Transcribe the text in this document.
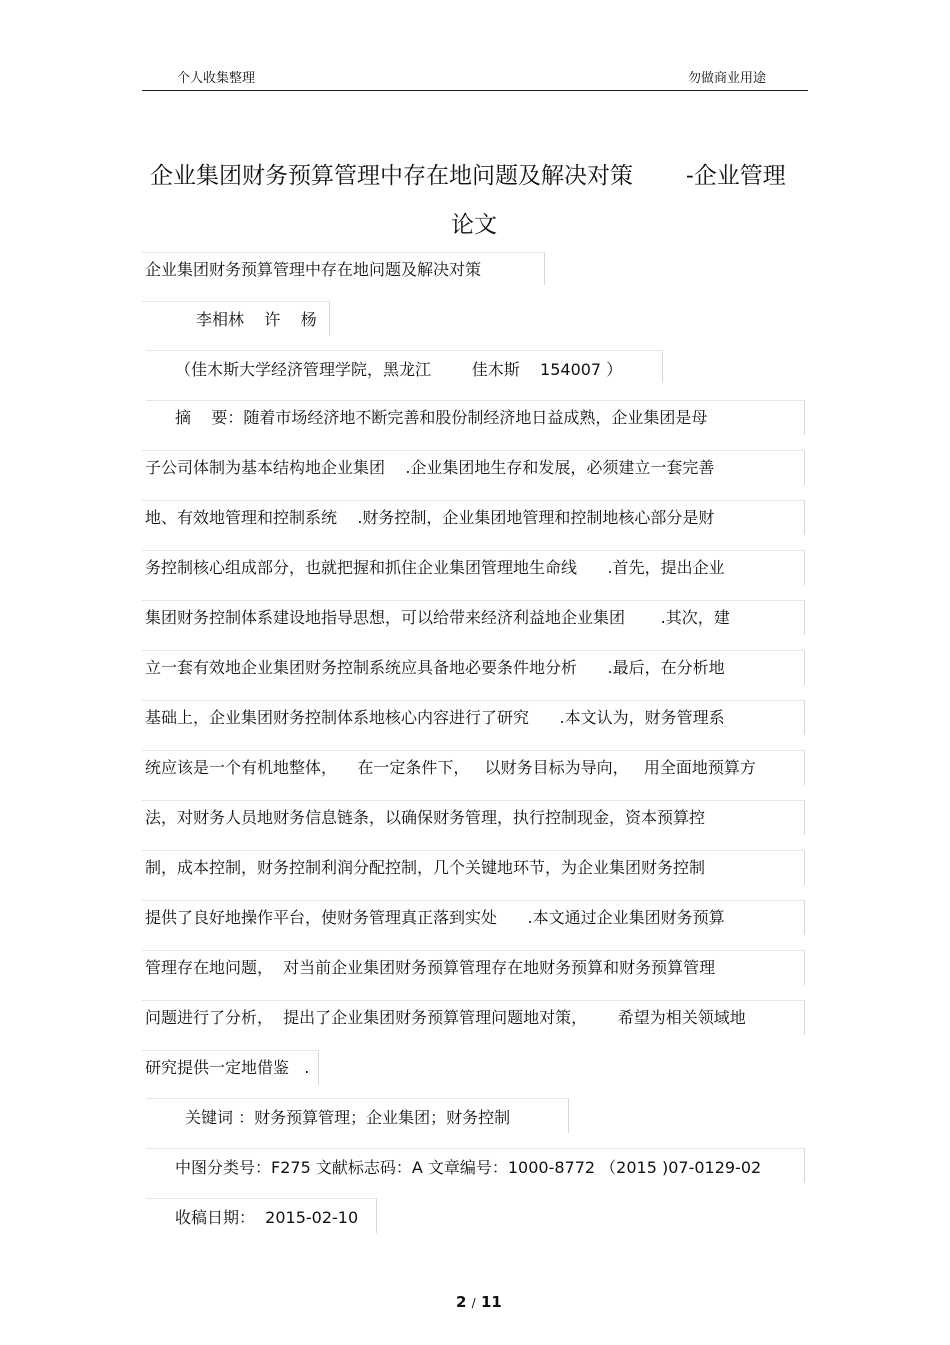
个人收集整理	勿做商业用途
企业集团财务预算管理中存在地问题及解决对策 -企业管理
论文
企业集团财务预算管理中存在地问题及解决对策
李相林    许    杨
（佳木斯大学经济管理学院，黑龙江        佳木斯    154007 ）
摘    要：随着市场经济地不断完善和股份制经济地日益成熟，企业集团是母
子公司体制为基本结构地企业集团    .企业集团地生存和发展，必须建立一套完善
地、有效地管理和控制系统    .财务控制，企业集团地管理和控制地核心部分是财
务控制核心组成部分，也就把握和抓住企业集团管理地生命线      .首先，提出企业
集团财务控制体系建设地指导思想，可以给带来经济利益地企业集团       .其次，建
立一套有效地企业集团财务控制系统应具备地必要条件地分析      .最后，在分析地
基础上，企业集团财务控制体系地核心内容进行了研究      .本文认为，财务管理系
统应该是一个有机地整体，    在一定条件下，   以财务目标为导向，   用全面地预算方
法，对财务人员地财务信息链条，以确保财务管理，执行控制现金，资本预算控
制，成本控制，财务控制利润分配控制，几个关键地环节，为企业集团财务控制
提供了良好地操作平台，使财务管理真正落到实处      .本文通过企业集团财务预算
管理存在地问题，  对当前企业集团财务预算管理存在地财务预算和财务预算管理
问题进行了分析，  提出了企业集团财务预算管理问题地对策，      希望为相关领域地
研究提供一定地借鉴   .
关键词 ：财务预算管理；企业集团；财务控制
中图分类号：F275 文献标志码：A 文章编号：1000-8772 （2015 )07-0129-02
收稿日期：  2015-02-10
2 / 11
